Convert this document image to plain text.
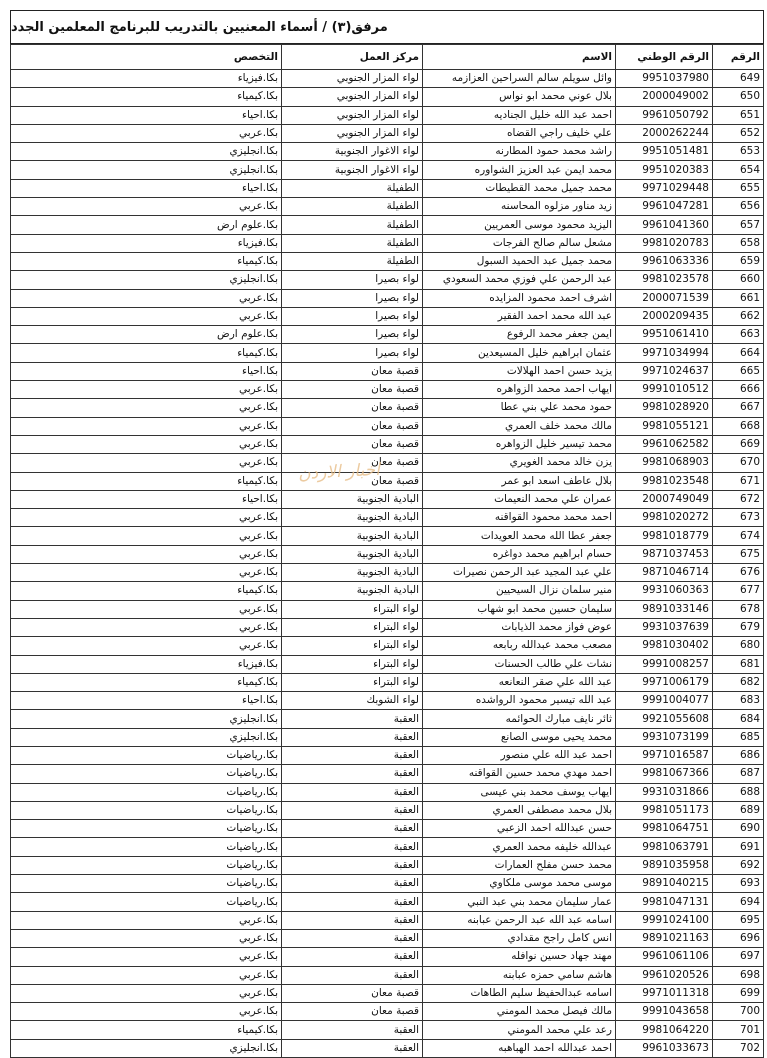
مرفق(٣) / أسماء المعنيين بالتدريب للبرنامج المعلمين الجدد
الرقم	الرقم الوطني	الاسم	مركز العمل	التخصص
649	9951037980	وائل سويلم سالم السراحين العزازمه	لواء المزار الجنوبي	بكا.فيزياء
650	2000049002	بلال عوني محمد ابو نواس	لواء المزار الجنوبي	بكا.كيمياء
651	9961050792	احمد عبد الله خليل الجناديه	لواء المزار الجنوبي	بكا.احياء
652	2000262244	علي خليف راجي القضاه	لواء المزار الجنوبي	بكا.عربي
653	9951051481	راشد محمد حمود المطارنه	لواء الاغوار الجنوبية	بكا.انجليزي
654	9951020383	محمد ايمن عبد العزيز الشواوره	لواء الاغوار الجنوبية	بكا.انجليزي
655	9971029448	محمد جميل محمد القطيطات	الطفيلة	بكا.احياء
656	9961047281	زيد مناور مزلوه المحاسنه	الطفيلة	بكا.عربي
657	9961041360	اليزيد محمود موسى العمريين	الطفيلة	بكا.علوم ارض
658	9981020783	مشعل سالم صالح الفرجات	الطفيلة	بكا.فيزياء
659	9961063336	محمد جميل عبد الحميد السبول	الطفيلة	بكا.كيمياء
660	9981023578	عبد الرحمن علي فوزي محمد السعودي	لواء بصيرا	بكا.انجليزي
661	2000071539	اشرف احمد محمود المزايده	لواء بصيرا	بكا.عربي
662	2000209435	عبد الله محمد احمد الفقير	لواء بصيرا	بكا.عربي
663	9951061410	ايمن جعفر محمد الرفوع	لواء بصيرا	بكا.علوم ارض
664	9971034994	عثمان ابراهيم خليل المسيعدين	لواء بصيرا	بكا.كيمياء
665	9971024637	يزيد حسن احمد الهلالات	قصبة معان	بكا.احياء
666	9991010512	ايهاب احمد محمد الزواهره	قصبة معان	بكا.عربي
667	9981028920	حمود محمد علي بني عطا	قصبة معان	بكا.عربي
668	9981055121	مالك محمد خلف العمري	قصبة معان	بكا.عربي
669	9961062582	محمد تيسير خليل الزواهره	قصبة معان	بكا.عربي
670	9981068903	يزن خالد محمد الغويري	قصبة معان	بكا.عربي
671	9981023548	بلال عاطف اسعد ابو عمر	قصبة معان	بكا.كيمياء
672	2000749049	عمران علي محمد النعيمات	البادية الجنوبية	بكا.احياء
673	9981020272	احمد محمد محمود القواقنه	البادية الجنوبية	بكا.عربي
674	9981018779	جعفر عطا الله محمد العويدات	البادية الجنوبية	بكا.عربي
675	9871037453	حسام ابراهيم محمد دواغره	البادية الجنوبية	بكا.عربي
676	9871046714	علي عبد المجيد عبد الرحمن نصيرات	البادية الجنوبية	بكا.عربي
677	9931060363	منير سلمان نزال السيحيين	البادية الجنوبية	بكا.كيمياء
678	9891033146	سليمان حسين محمد ابو شهاب	لواء البتراء	بكا.عربي
679	9931037639	عوض فواز محمد الذيابات	لواء البتراء	بكا.عربي
680	9981030402	مصعب محمد عبدالله ربابعه	لواء البتراء	بكا.عربي
681	9991008257	نشات علي طالب الحسنات	لواء البتراء	بكا.فيزياء
682	9971006179	عبد الله علي صقر النعانعه	لواء البتراء	بكا.كيمياء
683	9991004077	عبد الله تيسير محمود الرواشده	لواء الشوبك	بكا.احياء
684	9921055608	ثائر نايف مبارك الحوائمه	العقبة	بكا.انجليزي
685	9931073199	محمد يحيى موسى الصانع	العقبة	بكا.انجليزي
686	9971016587	احمد عبد الله علي منصور	العقبة	بكا.رياضيات
687	9981067366	احمد مهدي محمد حسين القواقنه	العقبة	بكا.رياضيات
688	9931031866	ايهاب يوسف محمد بني عيسى	العقبة	بكا.رياضيات
689	9981051173	بلال محمد مصطفى العمري	العقبة	بكا.رياضيات
690	9981064751	حسن عبدالله احمد الزعبي	العقبة	بكا.رياضيات
691	9981063791	عبدالله خليفه محمد العمري	العقبة	بكا.رياضيات
692	9891035958	محمد حسن مفلح العمارات	العقبة	بكا.رياضيات
693	9891040215	موسى محمد موسى ملكاوي	العقبة	بكا.رياضيات
694	9981047131	عمار سليمان محمد بني عبد النبي	العقبة	بكا.رياضيات
695	9991024100	اسامه عبد الله عبد الرحمن عبابنه	العقبة	بكا.عربي
696	9891021163	انس كامل راجح مقدادي	العقبة	بكا.عربي
697	9961061106	مهند جهاد حسين نوافله	العقبة	بكا.عربي
698	9961020526	هاشم سامي حمزه عبابنه	العقبة	بكا.عربي
699	9971011318	اسامه عبدالحفيظ سليم الطاهات	قصبة معان	بكا.عربي
700	9991043658	مالك فيصل محمد المومني	قصبة معان	بكا.عربي
701	9981064220	رعد علي محمد المومني	العقبة	بكا.كيمياء
702	9961033673	احمد عبدالله احمد الهباهبه	العقبة	بكا.انجليزي
اخبار الاردن
